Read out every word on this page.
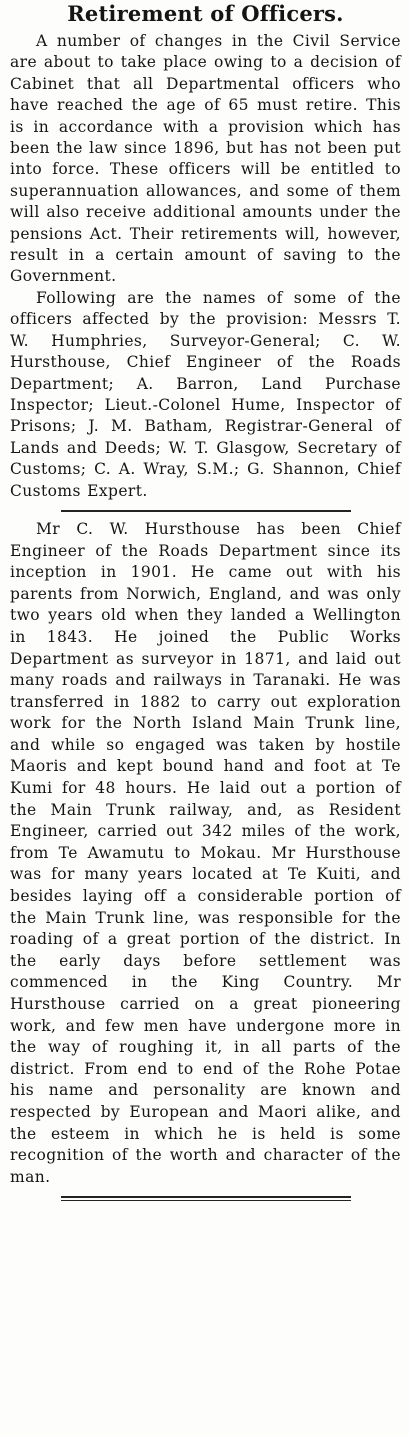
Retirement of Officers.

A number of changes in the Civil Service are about to take place owing to a decision of Cabinet that all Departmental officers who have reached the age of 65 must retire. This is in accordance with a provision which has been the law since 1896, but has not been put into force. These officers will be entitled to superannuation allowances, and some of them will also receive additional amounts under the pensions Act. Their retirements will, however, result in a certain amount of saving to the Government.

Following are the names of some of the officers affected by the provision: Messrs T. W. Humphries, Surveyor-General; C. W. Hursthouse, Chief Engineer of the Roads Department; A. Barron, Land Purchase Inspector; Lieut.-Colonel Hume, Inspector of Prisons; J. M. Batham, Registrar-General of Lands and Deeds; W. T. Glasgow, Secretary of Customs; C. A. Wray, S.M.; G. Shannon, Chief Customs Expert.

Mr C. W. Hursthouse has been Chief Engineer of the Roads Department since its inception in 1901. He came out with his parents from Norwich, England, and was only two years old when they landed a Wellington in 1843. He joined the Public Works Department as surveyor in 1871, and laid out many roads and railways in Taranaki. He was transferred in 1882 to carry out exploration work for the North Island Main Trunk line, and while so engaged was taken by hostile Maoris and kept bound hand and foot at Te Kumi for 48 hours. He laid out a portion of the Main Trunk railway, and, as Resident Engineer, carried out 342 miles of the work, from Te Awamutu to Mokau. Mr Hursthouse was for many years located at Te Kuiti, and besides laying off a considerable portion of the Main Trunk line, was responsible for the roading of a great portion of the district. In the early days before settlement was commenced in the King Country. Mr Hursthouse carried on a great pioneering work, and few men have undergone more in the way of roughing it, in all parts of the district. From end to end of the Rohe Potae his name and personality are known and respected by European and Maori alike, and the esteem in which he is held is some recognition of the worth and character of the man.
